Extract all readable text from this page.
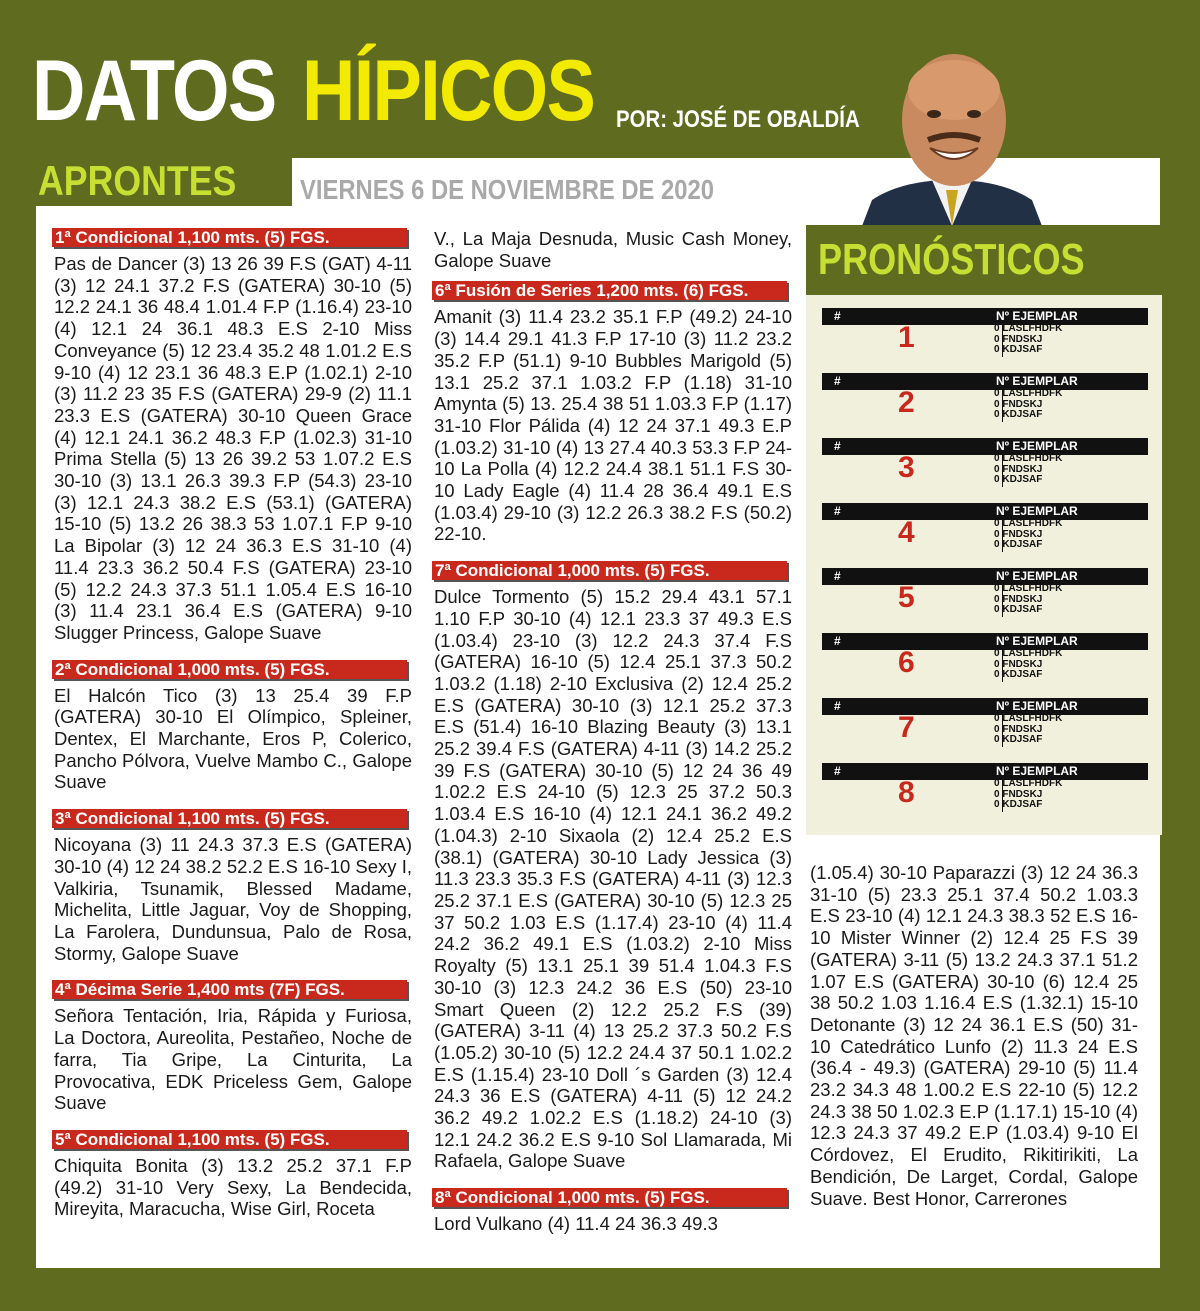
DATOS HÍPICOS POR: JOSÉ DE OBALDÍA
APRONTES VIERNES 6 DE NOVIEMBRE DE 2020
PRONÓSTICOS
#	Nº EJEMPLAR
1	0 LASLFHDFK
0 FNDSKJ
0 KDJSAF
#	Nº EJEMPLAR
2	0 LASLFHDFK
0 FNDSKJ
0 KDJSAF
#	Nº EJEMPLAR
3	0 LASLFHDFK
0 FNDSKJ
0 KDJSAF
#	Nº EJEMPLAR
4	0 LASLFHDFK
0 FNDSKJ
0 KDJSAF
#	Nº EJEMPLAR
5	0 LASLFHDFK
0 FNDSKJ
0 KDJSAF
#	Nº EJEMPLAR
6	0 LASLFHDFK
0 FNDSKJ
0 KDJSAF
#	Nº EJEMPLAR
7	0 LASLFHDFK
0 FNDSKJ
0 KDJSAF
#	Nº EJEMPLAR
8	0 LASLFHDFK
0 FNDSKJ
0 KDJSAF
1ª Condicional 1,100 mts. (5) FGS.
Pas de Dancer (3) 13 26 39 F.S (GAT) 4-11 (3) 12 24.1 37.2 F.S (GATERA) 30-10 (5) 12.2 24.1 36 48.4 1.01.4 F.P (1.16.4) 23-10 (4) 12.1 24 36.1 48.3 E.S 2-10 Miss Conveyance (5) 12 23.4 35.2 48 1.01.2 E.S 9-10 (4) 12 23.1 36 48.3 E.P (1.02.1) 2-10 (3) 11.2 23 35 F.S (GATERA) 29-9 (2) 11.1 23.3 E.S (GATERA) 30-10 Queen Grace (4) 12.1 24.1 36.2 48.3 F.P (1.02.3) 31-10 Prima Stella (5) 13 26 39.2 53 1.07.2 E.S 30-10 (3) 13.1 26.3 39.3 F.P (54.3) 23-10 (3) 12.1 24.3 38.2 E.S (53.1) (GATERA) 15-10 (5) 13.2 26 38.3 53 1.07.1 F.P 9-10 La Bipolar (3) 12 24 36.3 E.S 31-10 (4) 11.4 23.3 36.2 50.4 F.S (GATERA) 23-10 (5) 12.2 24.3 37.3 51.1 1.05.4 E.S 16-10 (3) 11.4 23.1 36.4 E.S (GATERA) 9-10 Slugger Princess, Galope Suave
2ª Condicional 1,000 mts. (5) FGS.
El Halcón Tico (3) 13 25.4 39 F.P (GATERA) 30-10 El Olímpico, Spleiner, Dentex, El Marchante, Eros P, Colerico, Pancho Pólvora, Vuelve Mambo C., Galope Suave
3ª Condicional 1,100 mts. (5) FGS.
Nicoyana (3) 11 24.3 37.3 E.S (GATERA) 30-10 (4) 12 24 38.2 52.2 E.S 16-10 Sexy I, Valkiria, Tsunamik, Blessed Madame, Michelita, Little Jaguar, Voy de Shopping, La Farolera, Dundunsua, Palo de Rosa, Stormy, Galope Suave
4ª Décima Serie 1,400 mts (7F) FGS.
Señora Tentación, Iria, Rápida y Furiosa, La Doctora, Aureolita, Pestañeo, Noche de farra, Tia Gripe, La Cinturita, La Provocativa, EDK Priceless Gem, Galope Suave
5ª Condicional 1,100 mts. (5) FGS.
Chiquita Bonita (3) 13.2 25.2 37.1 F.P (49.2) 31-10 Very Sexy, La Bendecida, Mireyita, Maracucha, Wise Girl, Roceta
V., La Maja Desnuda, Music Cash Money, Galope Suave
6ª Fusión de Series 1,200 mts. (6) FGS.
Amanit (3) 11.4 23.2 35.1 F.P (49.2) 24-10 (3) 14.4 29.1 41.3 F.P 17-10 (3) 11.2 23.2 35.2 F.P (51.1) 9-10 Bubbles Marigold (5) 13.1 25.2 37.1 1.03.2 F.P (1.18) 31-10 Amynta (5) 13. 25.4 38 51 1.03.3 F.P (1.17) 31-10 Flor Pálida (4) 12 24 37.1 49.3 E.P (1.03.2) 31-10 (4) 13 27.4 40.3 53.3 F.P 24-10 La Polla (4) 12.2 24.4 38.1 51.1 F.S 30-10 Lady Eagle (4) 11.4 28 36.4 49.1 E.S (1.03.4) 29-10 (3) 12.2 26.3 38.2 F.S (50.2) 22-10.
7ª Condicional 1,000 mts. (5) FGS.
Dulce Tormento (5) 15.2 29.4 43.1 57.1 1.10 F.P 30-10 (4) 12.1 23.3 37 49.3 E.S (1.03.4) 23-10 (3) 12.2 24.3 37.4 F.S (GATERA) 16-10 (5) 12.4 25.1 37.3 50.2 1.03.2 (1.18) 2-10 Exclusiva (2) 12.4 25.2 E.S (GATERA) 30-10 (3) 12.1 25.2 37.3 E.S (51.4) 16-10 Blazing Beauty (3) 13.1 25.2 39.4 F.S (GATERA) 4-11 (3) 14.2 25.2 39 F.S (GATERA) 30-10 (5) 12 24 36 49 1.02.2 E.S 24-10 (5) 12.3 25 37.2 50.3 1.03.4 E.S 16-10 (4) 12.1 24.1 36.2 49.2 (1.04.3) 2-10 Sixaola (2) 12.4 25.2 E.S (38.1) (GATERA) 30-10 Lady Jessica (3) 11.3 23.3 35.3 F.S (GATERA) 4-11 (3) 12.3 25.2 37.1 E.S (GATERA) 30-10 (5) 12.3 25 37 50.2 1.03 E.S (1.17.4) 23-10 (4) 11.4 24.2 36.2 49.1 E.S (1.03.2) 2-10 Miss Royalty (5) 13.1 25.1 39 51.4 1.04.3 F.S 30-10 (3) 12.3 24.2 36 E.S (50) 23-10 Smart Queen (2) 12.2 25.2 F.S (39) (GATERA) 3-11 (4) 13 25.2 37.3 50.2 F.S (1.05.2) 30-10 (5) 12.2 24.4 37 50.1 1.02.2 E.S (1.15.4) 23-10 Doll ´s Garden (3) 12.4 24.3 36 E.S (GATERA) 4-11 (5) 12 24.2 36.2 49.2 1.02.2 E.S (1.18.2) 24-10 (3) 12.1 24.2 36.2 E.S 9-10 Sol Llamarada, Mi Rafaela, Galope Suave
8ª Condicional 1,000 mts. (5) FGS.
Lord Vulkano (4) 11.4 24 36.3 49.3
(1.05.4) 30-10 Paparazzi (3) 12 24 36.3 31-10 (5) 23.3 25.1 37.4 50.2 1.03.3 E.S 23-10 (4) 12.1 24.3 38.3 52 E.S 16-10 Mister Winner (2) 12.4 25 F.S 39 (GATERA) 3-11 (5) 13.2 24.3 37.1 51.2 1.07 E.S (GATERA) 30-10 (6) 12.4 25 38 50.2 1.03 1.16.4 E.S (1.32.1) 15-10 Detonante (3) 12 24 36.1 E.S (50) 31-10 Catedrático Lunfo (2) 11.3 24 E.S (36.4 - 49.3) (GATERA) 29-10 (5) 11.4 23.2 34.3 48 1.00.2 E.S 22-10 (5) 12.2 24.3 38 50 1.02.3 E.P (1.17.1) 15-10 (4) 12.3 24.3 37 49.2 E.P (1.03.4) 9-10 El Córdovez, El Erudito, Rikitirikiti, La Bendición, De Larget, Cordal, Galope Suave. Best Honor, Carrerones
